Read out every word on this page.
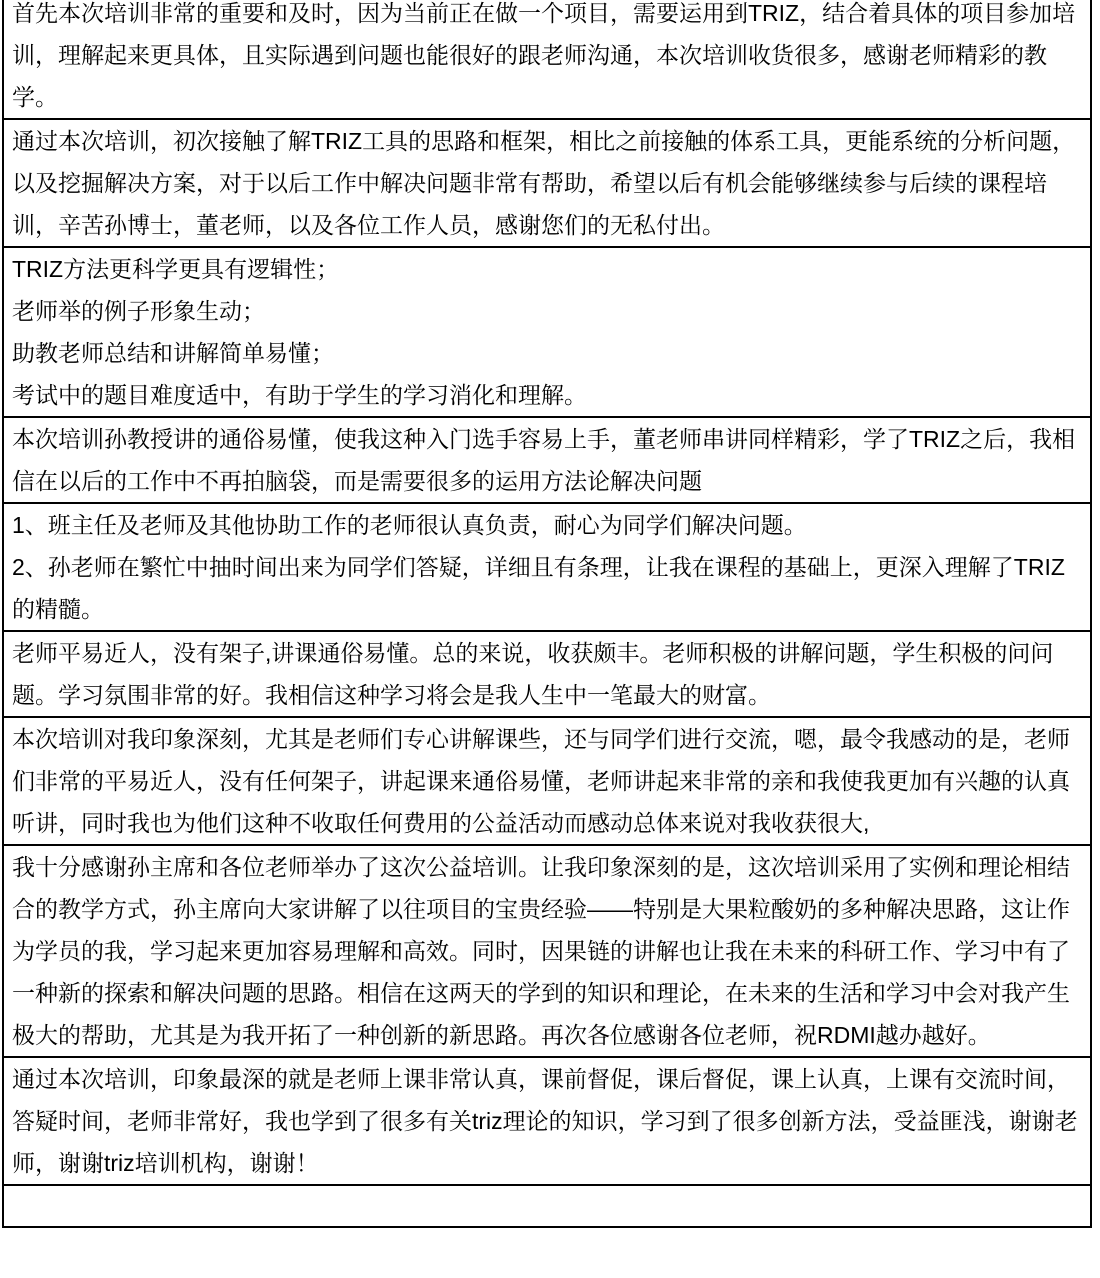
首先本次培训非常的重要和及时，因为当前正在做一个项目，需要运用到TRIZ，结合着具体的项目参加培训，理解起来更具体，且实际遇到问题也能很好的跟老师沟通，本次培训收货很多，感谢老师精彩的教学。

通过本次培训，初次接触了解TRIZ工具的思路和框架，相比之前接触的体系工具，更能系统的分析问题，以及挖掘解决方案，对于以后工作中解决问题非常有帮助，希望以后有机会能够继续参与后续的课程培训，辛苦孙博士，董老师，以及各位工作人员，感谢您们的无私付出。

TRIZ方法更科学更具有逻辑性；

老师举的例子形象生动；

助教老师总结和讲解简单易懂；

考试中的题目难度适中，有助于学生的学习消化和理解。

本次培训孙教授讲的通俗易懂，使我这种入门选手容易上手，董老师串讲同样精彩，学了TRIZ之后，我相信在以后的工作中不再拍脑袋，而是需要很多的运用方法论解决问题

1、班主任及老师及其他协助工作的老师很认真负责，耐心为同学们解决问题。

2、孙老师在繁忙中抽时间出来为同学们答疑，详细且有条理，让我在课程的基础上，更深入理解了TRIZ的精髓。

老师平易近人，没有架子,讲课通俗易懂。总的来说，收获颇丰。老师积极的讲解问题，学生积极的问问题。学习氛围非常的好。我相信这种学习将会是我人生中一笔最大的财富。

本次培训对我印象深刻，尤其是老师们专心讲解课些，还与同学们进行交流，嗯，最令我感动的是，老师们非常的平易近人，没有任何架子，讲起课来通俗易懂，老师讲起来非常的亲和我使我更加有兴趣的认真听讲，同时我也为他们这种不收取任何费用的公益活动而感动总体来说对我收获很大,

我十分感谢孙主席和各位老师举办了这次公益培训。让我印象深刻的是，这次培训采用了实例和理论相结合的教学方式，孙主席向大家讲解了以往项目的宝贵经验——特别是大果粒酸奶的多种解决思路，这让作为学员的我，学习起来更加容易理解和高效。同时，因果链的讲解也让我在未来的科研工作、学习中有了一种新的探索和解决问题的思路。相信在这两天的学到的知识和理论，在未来的生活和学习中会对我产生极大的帮助，尤其是为我开拓了一种创新的新思路。再次各位感谢各位老师，祝RDMI越办越好。

通过本次培训，印象最深的就是老师上课非常认真，课前督促，课后督促，课上认真，上课有交流时间，答疑时间，老师非常好，我也学到了很多有关triz理论的知识，学习到了很多创新方法，受益匪浅，谢谢老师，谢谢triz培训机构，谢谢！
